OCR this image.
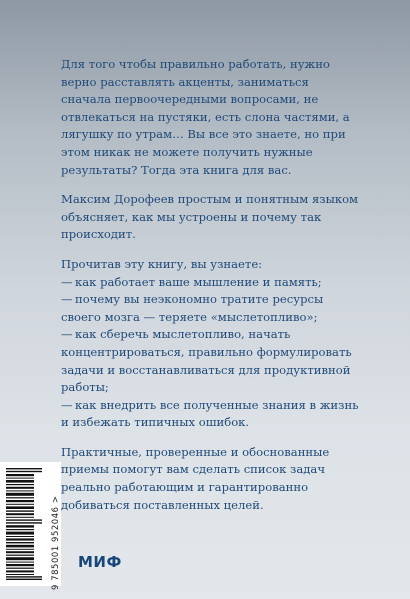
Для того чтобы правильно работать, нужно верно расставлять акценты, заниматься сначала первоочередными вопросами, не отвлекаться на пустяки, есть слона частями, а лягушку по утрам… Вы все это знаете, но при этом никак не можете получить нужные результаты? Тогда эта книга для вас.

Максим Дорофеев простым и понятным языком объясняет, как мы устроены и почему так происходит.

Прочитав эту книгу, вы узнаете:

— как работает ваше мышление и память;
— почему вы неэкономно тратите ресурсы своего мозга — теряете «мыслетопливо»;
— как сберечь мыслетопливо, начать концентрироваться, правильно формулировать задачи и восстанавливаться для продуктивной работы;
— как внедрить все полученные знания в жизнь и избежать типичных ошибок.

Практичные, проверенные и обоснованные приемы помогут вам сделать список задач реально работающим и гарантированно добиваться поставленных целей.

9 785001 952046 > МИФ
